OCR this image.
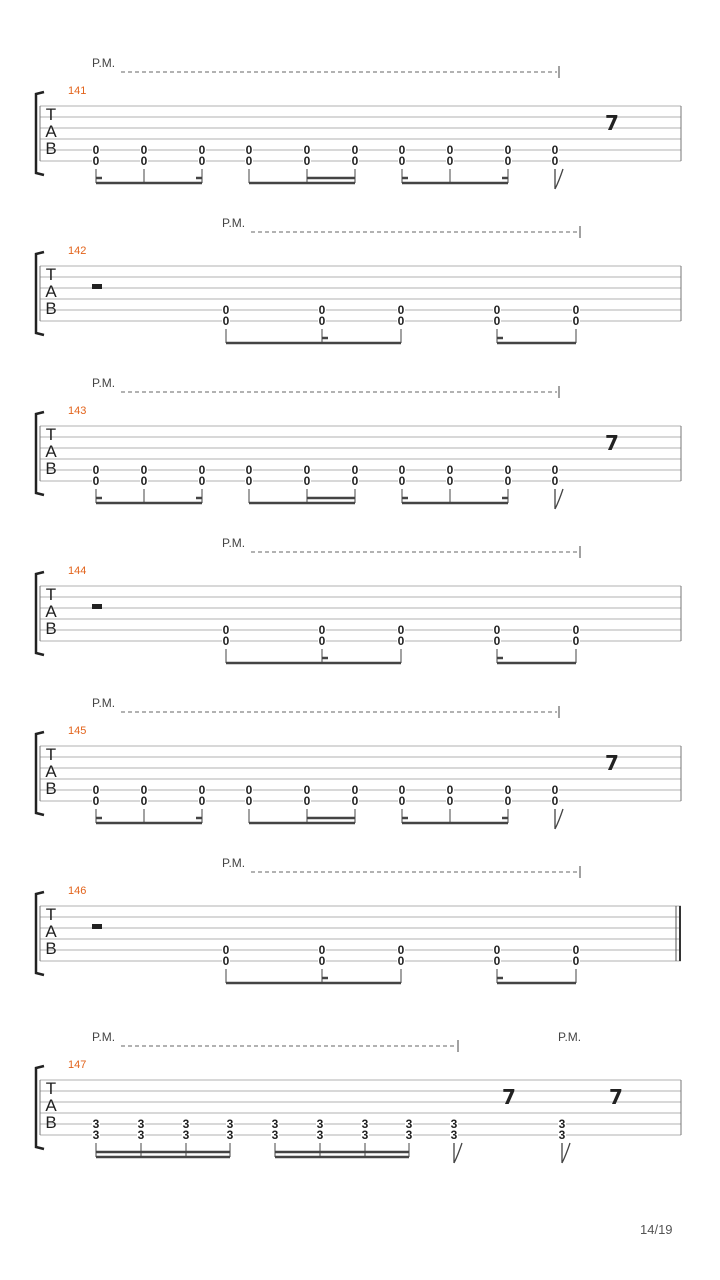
T
A
B
141
P.M.
0
0
0
0
0
0
0
0
0
0
0
0
0
0
0
0
0
0
0
0
7
T
A
B
142
P.M.
0
0
0
0
0
0
0
0
0
0
T
A
B
143
P.M.
0
0
0
0
0
0
0
0
0
0
0
0
0
0
0
0
0
0
0
0
7
T
A
B
144
P.M.
0
0
0
0
0
0
0
0
0
0
T
A
B
145
P.M.
0
0
0
0
0
0
0
0
0
0
0
0
0
0
0
0
0
0
0
0
7
T
A
B
146
P.M.
0
0
0
0
0
0
0
0
0
0
T
A
B
147
P.M.	P.M.
3
3
3
3
3
3
3
3
3
3
3
3
3
3
3
3
3
3
3
3
7	7
14/19
